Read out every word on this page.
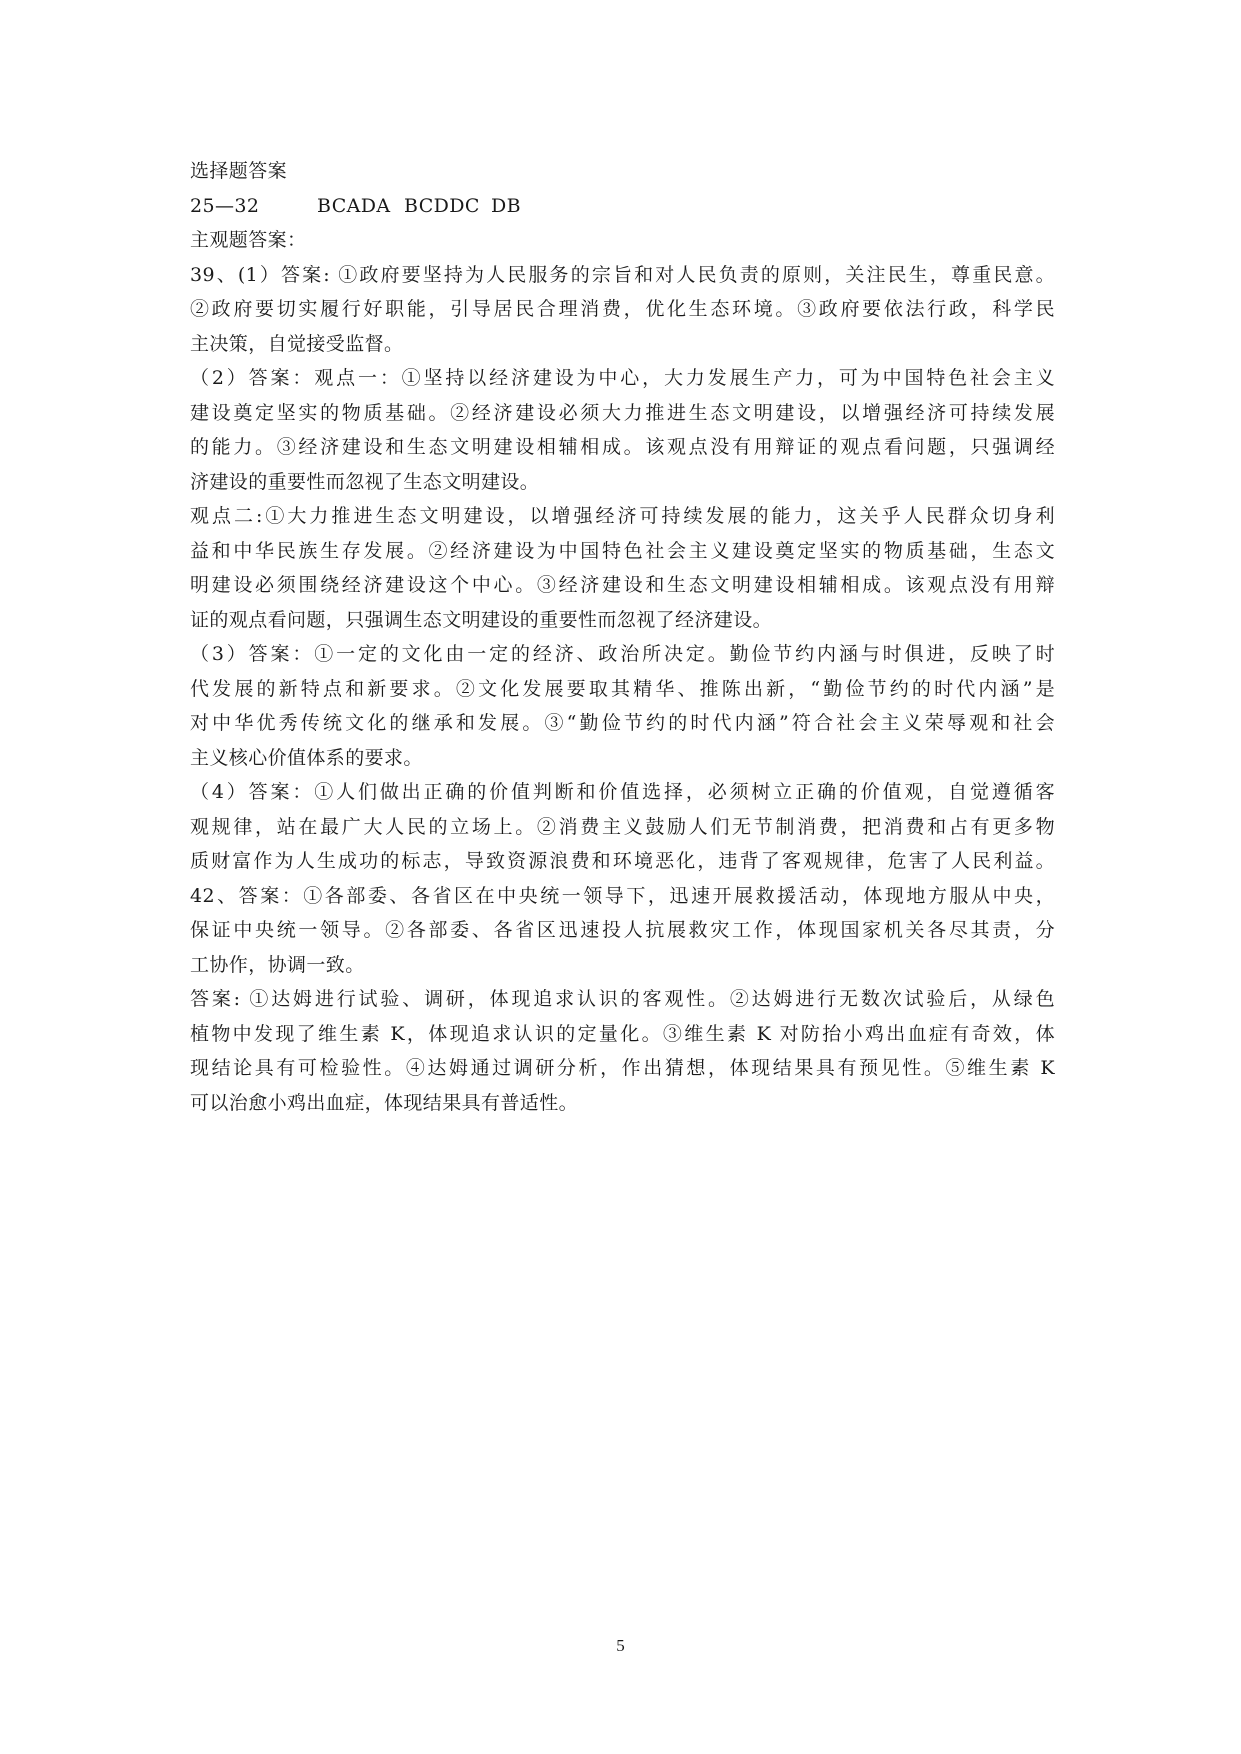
选择题答案
25—32	BCADA BCDDC DB
主观题答案：
39、(1）答案: ①政府要坚持为人民服务的宗旨和对人民负责的原则，关注民生，尊重民意。
②政府要切实履行好职能，引导居民合理消费，优化生态环境。③政府要依法行政，科学民
主决策，自觉接受监督。
（2）答案：观点一：①坚持以经济建设为中心，大力发展生产力，可为中国特色社会主义
建设奠定坚实的物质基础。②经济建设必须大力推进生态文明建设，以增强经济可持续发展
的能力。③经济建设和生态文明建设相辅相成。该观点没有用辩证的观点看问题，只强调经
济建设的重要性而忽视了生态文明建设。
观点二:①大力推进生态文明建设，以增强经济可持续发展的能力，这关乎人民群众切身利
益和中华民族生存发展。②经济建设为中国特色社会主义建设奠定坚实的物质基础，生态文
明建设必须围绕经济建设这个中心。③经济建设和生态文明建设相辅相成。该观点没有用辩
证的观点看问题，只强调生态文明建设的重要性而忽视了经济建设。
（3）答案：①一定的文化由一定的经济、政治所决定。勤俭节约内涵与时俱进，反映了时
代发展的新特点和新要求。②文化发展要取其精华、推陈出新，“勤俭节约的时代内涵”是
对中华优秀传统文化的继承和发展。③“勤俭节约的时代内涵”符合社会主义荣辱观和社会
主义核心价值体系的要求。
（4）答案：①人们做出正确的价值判断和价值选择，必须树立正确的价值观，自觉遵循客
观规律，站在最广大人民的立场上。②消费主义鼓励人们无节制消费，把消费和占有更多物
质财富作为人生成功的标志，导致资源浪费和环境恶化，违背了客观规律，危害了人民利益。
42、答案：①各部委、各省区在中央统一领导下，迅速开展救援活动，体现地方服从中央，
保证中央统一领导。②各部委、各省区迅速投人抗展救灾工作，体现国家机关各尽其责，分
工协作，协调一致。
答案: ①达姆进行试验、调研，体现追求认识的客观性。②达姆进行无数次试验后，从绿色
植物中发现了维生素 K，体现追求认识的定量化。③维生素 K 对防抬小鸡出血症有奇效，体
现结论具有可检验性。④达姆通过调研分析，作出猜想，体现结果具有预见性。⑤维生素 K
可以治愈小鸡出血症，体现结果具有普适性。
5
